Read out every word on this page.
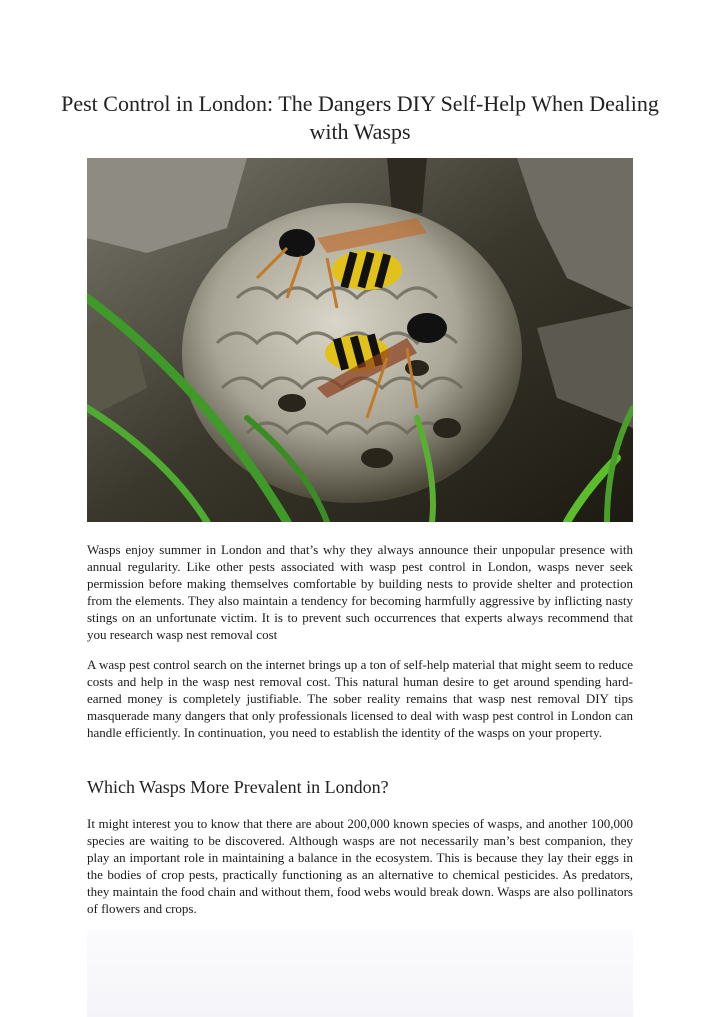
Pest Control in London: The Dangers DIY Self-Help When Dealing with Wasps

Wasps enjoy summer in London and that’s why they always announce their unpopular presence with annual regularity. Like other pests associated with wasp pest control in London, wasps never seek permission before making themselves comfortable by building nests to provide shelter and protection from the elements. They also maintain a tendency for becoming harmfully aggressive by inflicting nasty stings on an unfortunate victim. It is to prevent such occurrences that experts always recommend that you research wasp nest removal cost

A wasp pest control search on the internet brings up a ton of self-help material that might seem to reduce costs and help in the wasp nest removal cost. This natural human desire to get around spending hard-earned money is completely justifiable. The sober reality remains that wasp nest removal DIY tips masquerade many dangers that only professionals licensed to deal with wasp pest control in London can handle efficiently. In continuation, you need to establish the identity of the wasps on your property.

Which Wasps More Prevalent in London?

It might interest you to know that there are about 200,000 known species of wasps, and another 100,000 species are waiting to be discovered. Although wasps are not necessarily man’s best companion, they play an important role in maintaining a balance in the ecosystem. This is because they lay their eggs in the bodies of crop pests, practically functioning as an alternative to chemical pesticides. As predators, they maintain the food chain and without them, food webs would break down. Wasps are also pollinators of flowers and crops.
